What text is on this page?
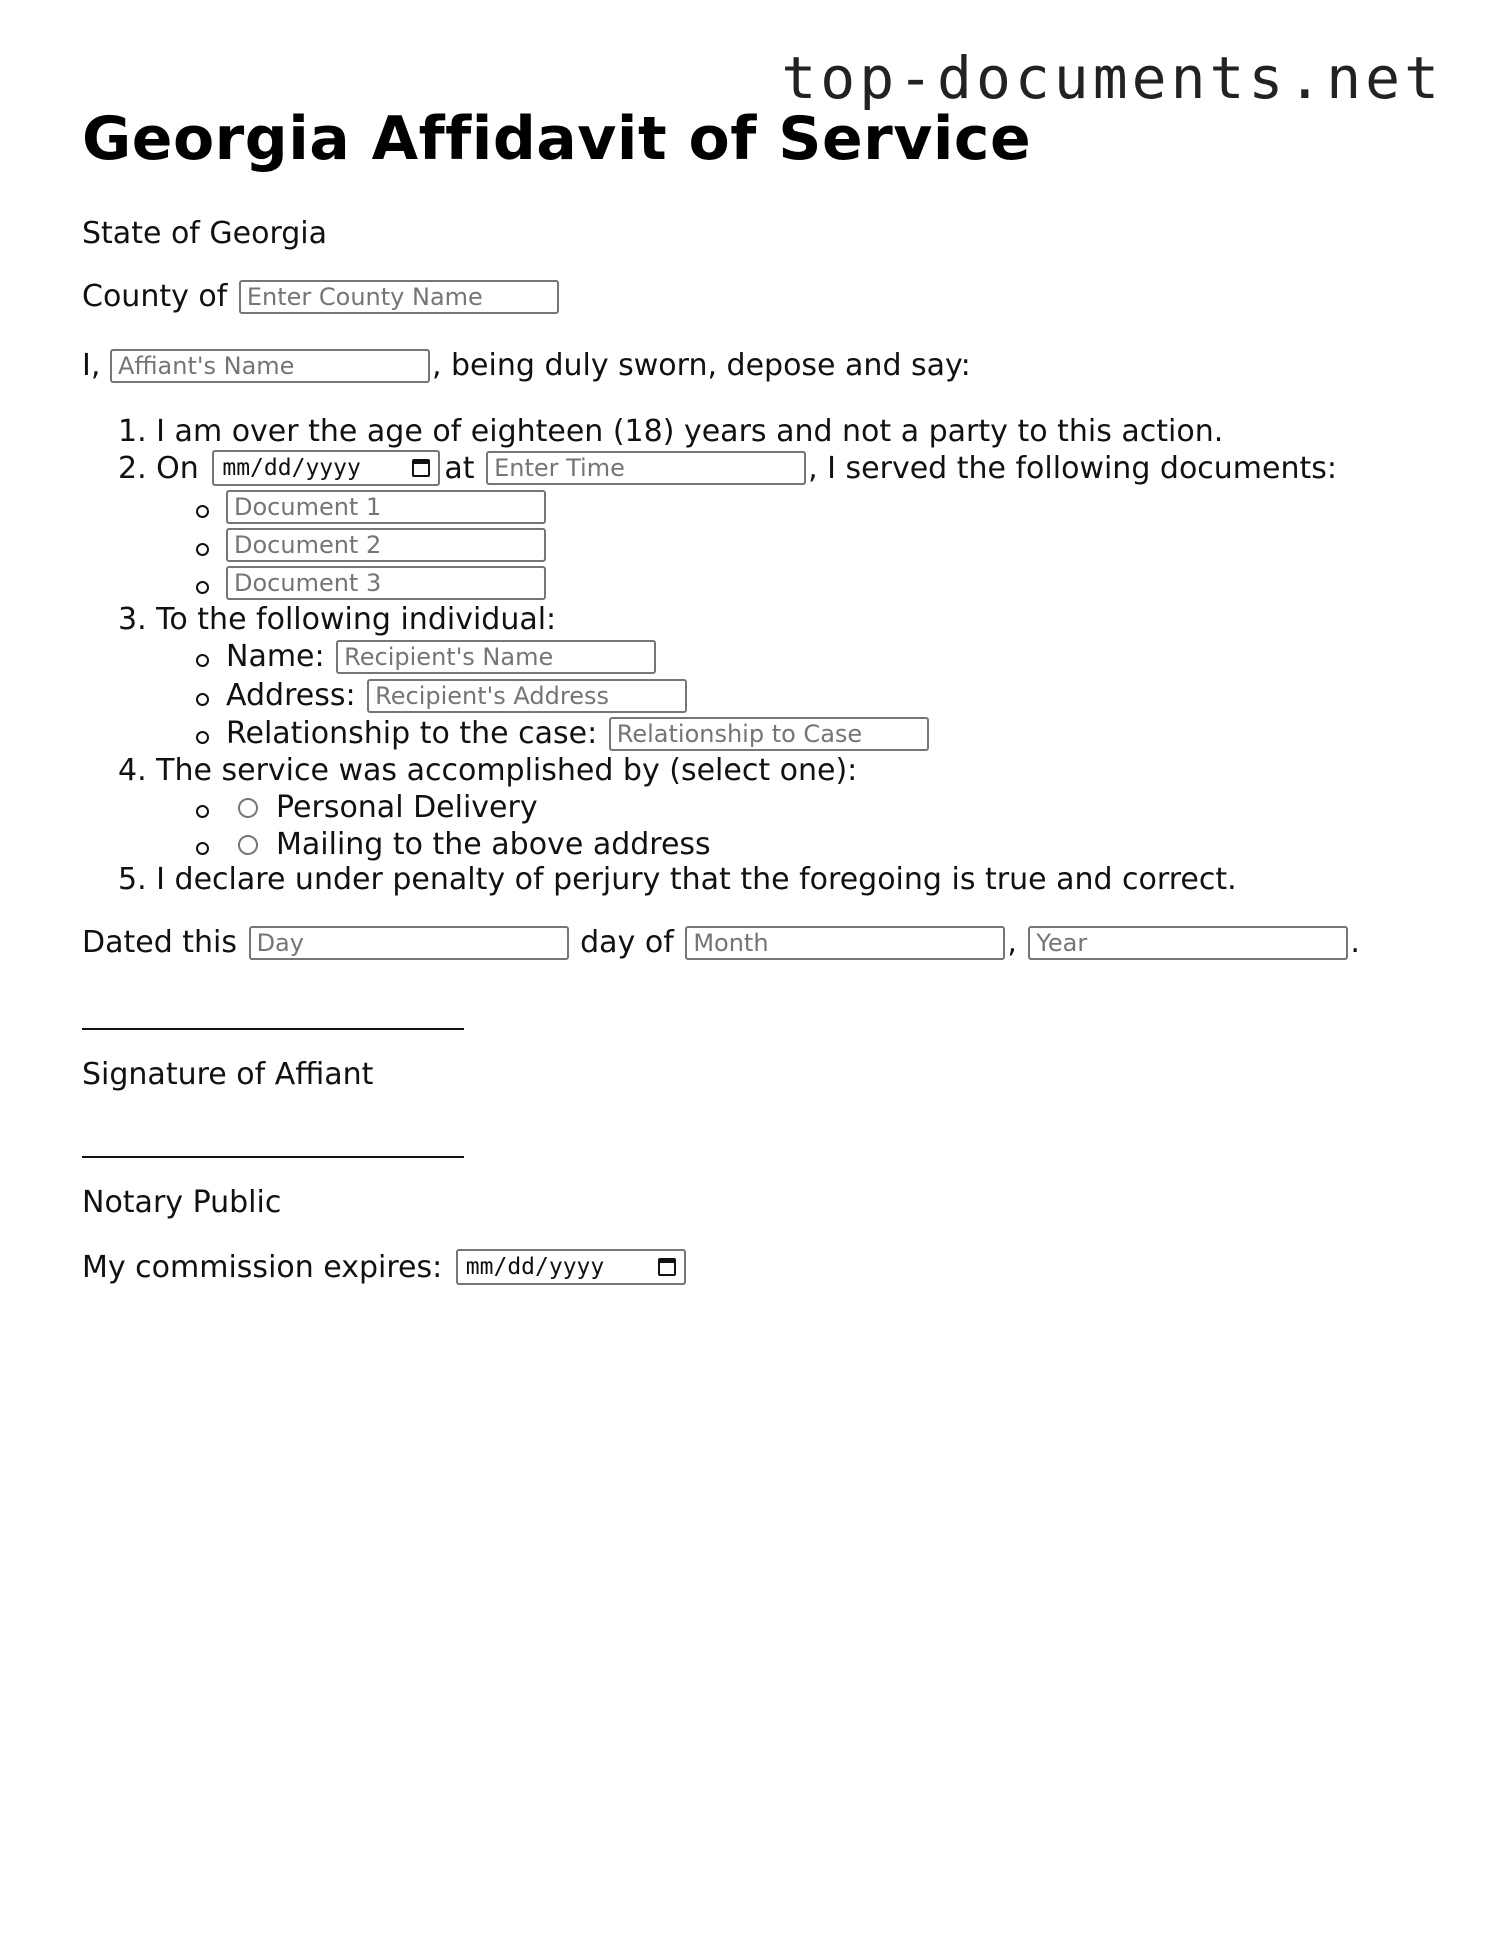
top-documents.net
Georgia Affidavit of Service
State of Georgia
County of

Enter County Name
I,

Affiant's Name	, being duly sworn, depose and say:
1.
I am over the age of eighteen (18) years and not a party to this action.
2.
On
mm/dd/yyyy	at

Enter Time	, I served the following documents:
Document 1
Document 2
Document 3
3.
To the following individual:
Name:

Recipient's Name
Address:

Recipient's Address
Relationship to the case:

Relationship to Case
4.
The service was accomplished by (select one):
Personal Delivery
Mailing to the above address
5.
I declare under penalty of perjury that the foregoing is true and correct.
Dated this

Day
	day of

Month	,

Year	.
Signature of Affiant
Notary Public
My commission expires:
mm/dd/yyyy
